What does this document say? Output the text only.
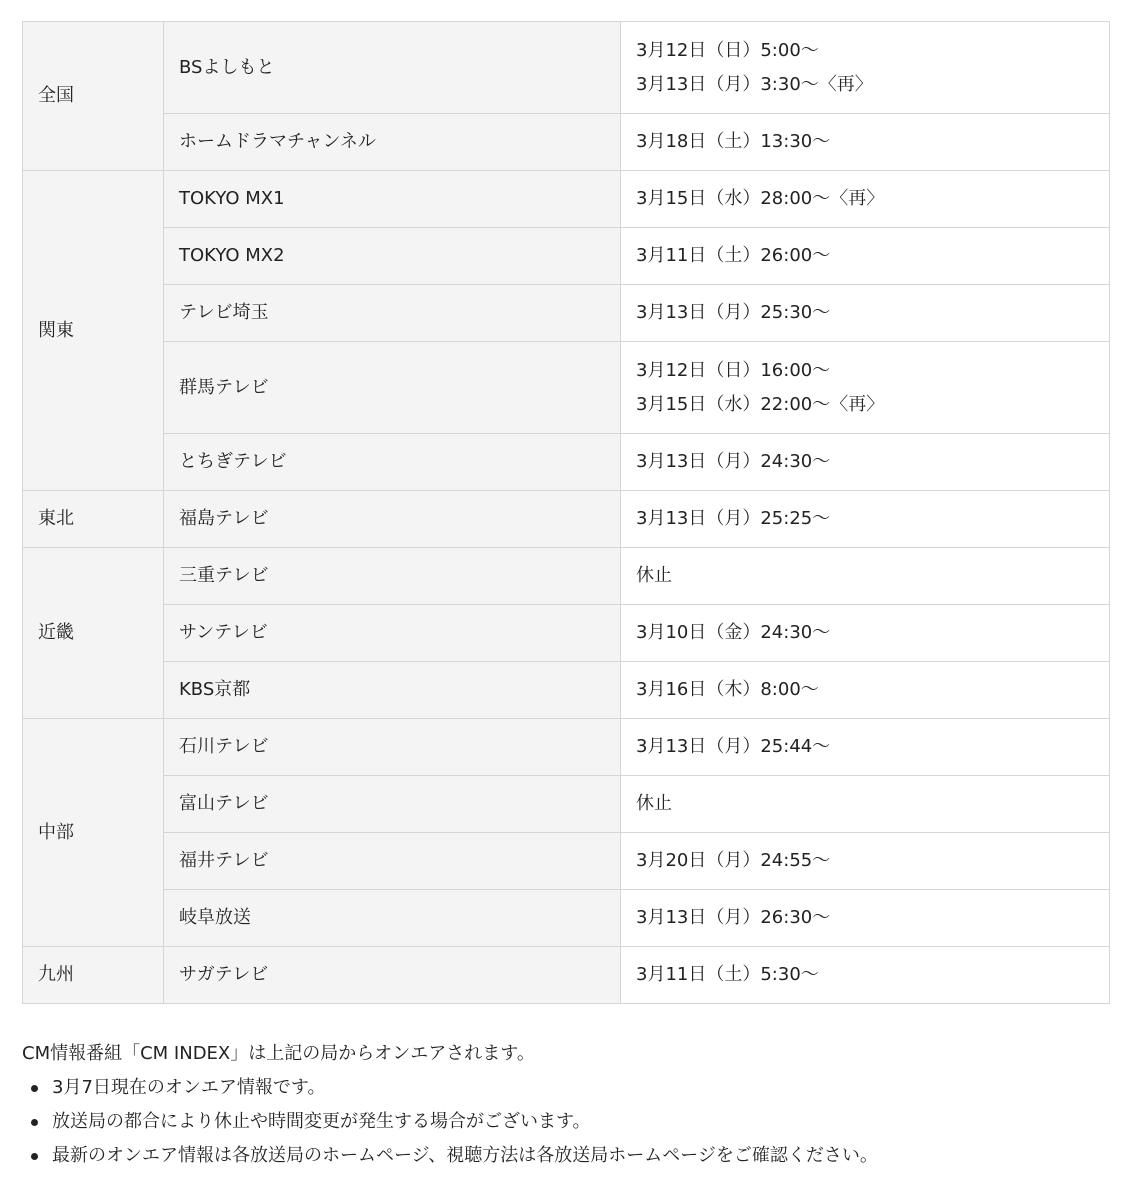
全国	BSよしもと	3月12日（日）5:00〜
3月13日（月）3:30〜〈再〉

	ホームドラマチャンネル	3月18日（土）13:30〜

関東	TOKYO MX1	3月15日（水）28:00〜〈再〉

	TOKYO MX2	3月11日（土）26:00〜

	テレビ埼玉	3月13日（月）25:30〜

	群馬テレビ	3月12日（日）16:00〜
3月15日（水）22:00〜〈再〉

	とちぎテレビ	3月13日（月）24:30〜

東北	福島テレビ	3月13日（月）25:25〜

近畿	三重テレビ	休止

	サンテレビ	3月10日（金）24:30〜

	KBS京都	3月16日（木）8:00〜

中部	石川テレビ	3月13日（月）25:44〜

	富山テレビ	休止

	福井テレビ	3月20日（月）24:55〜

	岐阜放送	3月13日（月）26:30〜

九州	サガテレビ	3月11日（土）5:30〜
CM情報番組「CM INDEX」は上記の局からオンエアされます。
3月7日現在のオンエア情報です。
放送局の都合により休止や時間変更が発生する場合がございます。
最新のオンエア情報は各放送局のホームページ、視聴方法は各放送局ホームページをご確認ください。
